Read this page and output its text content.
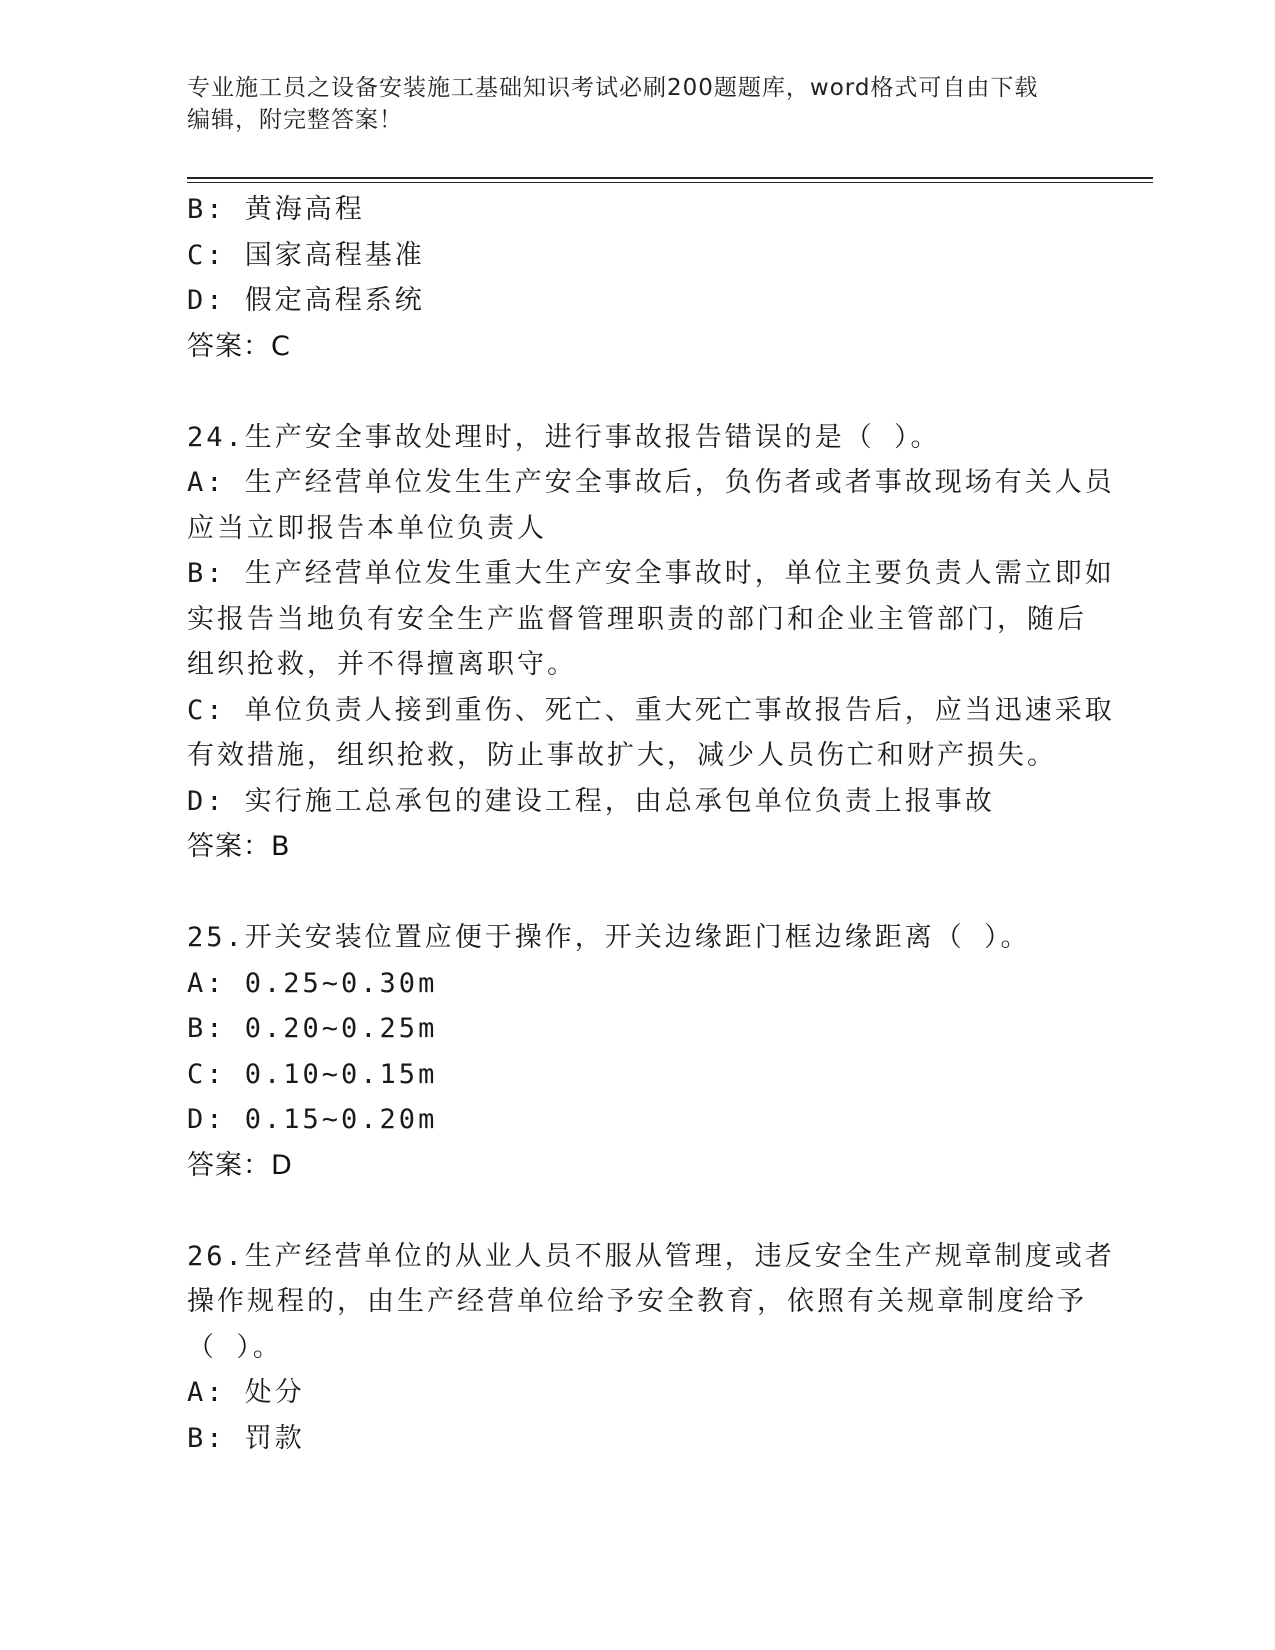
专业施工员之设备安装施工基础知识考试必刷200题题库，word格式可自由下载
编辑，附完整答案！
B: 黄海高程
C: 国家高程基准
D: 假定高程系统
答案：C
24.生产安全事故处理时，进行事故报告错误的是（ ）。
A: 生产经营单位发生生产安全事故后，负伤者或者事故现场有关人员
应当立即报告本单位负责人
B: 生产经营单位发生重大生产安全事故时，单位主要负责人需立即如
实报告当地负有安全生产监督管理职责的部门和企业主管部门，随后
组织抢救，并不得擅离职守。
C: 单位负责人接到重伤、死亡、重大死亡事故报告后，应当迅速采取
有效措施，组织抢救，防止事故扩大，减少人员伤亡和财产损失。
D: 实行施工总承包的建设工程，由总承包单位负责上报事故
答案：B
25.开关安装位置应便于操作，开关边缘距门框边缘距离（ ）。
A: 0.25~0.30m
B: 0.20~0.25m
C: 0.10~0.15m
D: 0.15~0.20m
答案：D
26.生产经营单位的从业人员不服从管理，违反安全生产规章制度或者
操作规程的，由生产经营单位给予安全教育，依照有关规章制度给予
（ ）。
A: 处分
B: 罚款
